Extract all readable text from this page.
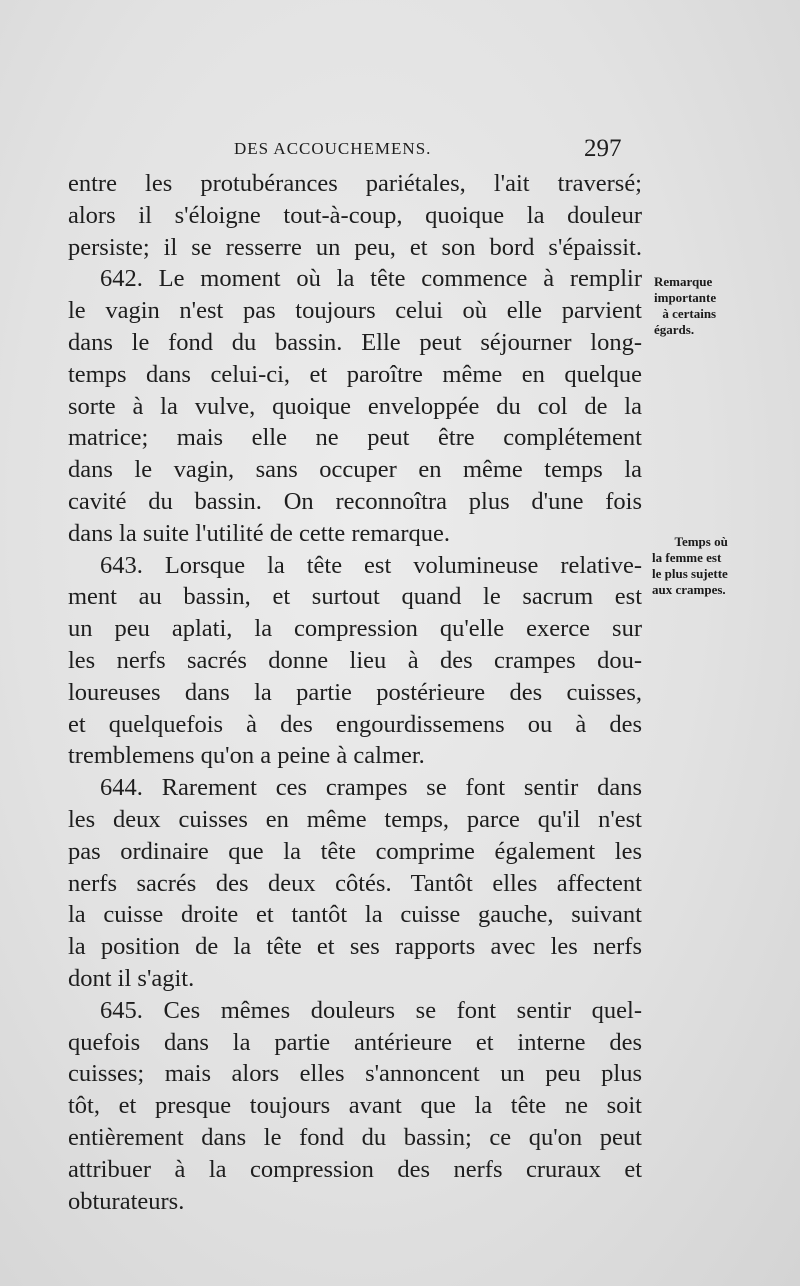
DES ACCOUCHEMENS.	297
entre les protubérances pariétales, l'ait traversé;
alors il s'éloigne tout-à-coup, quoique la douleur
persiste; il se resserre un peu, et son bord s'épaissit.
642. Le moment où la tête commence à remplir
le vagin n'est pas toujours celui où elle parvient
dans le fond du bassin. Elle peut séjourner long-
temps dans celui-ci, et paroître même en quelque
sorte à la vulve, quoique enveloppée du col de la
matrice; mais elle ne peut être complétement
dans le vagin, sans occuper en même temps la
cavité du bassin. On reconnoîtra plus d'une fois
dans la suite l'utilité de cette remarque.
643. Lorsque la tête est volumineuse relative-
ment au bassin, et surtout quand le sacrum est
un peu aplati, la compression qu'elle exerce sur
les nerfs sacrés donne lieu à des crampes dou-
loureuses dans la partie postérieure des cuisses,
et quelquefois à des engourdissemens ou à des
tremblemens qu'on a peine à calmer.
644. Rarement ces crampes se font sentir dans
les deux cuisses en même temps, parce qu'il n'est
pas ordinaire que la tête comprime également les
nerfs sacrés des deux côtés. Tantôt elles affectent
la cuisse droite et tantôt la cuisse gauche, suivant
la position de la tête et ses rapports avec les nerfs
dont il s'agit.
645. Ces mêmes douleurs se font sentir quel-
quefois dans la partie antérieure et interne des
cuisses; mais alors elles s'annoncent un peu plus
tôt, et presque toujours avant que la tête ne soit
entièrement dans le fond du bassin; ce qu'on peut
attribuer à la compression des nerfs cruraux et
obturateurs.
Remarque
importante
à certains
égards.
Temps où
la femme est
le plus sujette
aux crampes.
